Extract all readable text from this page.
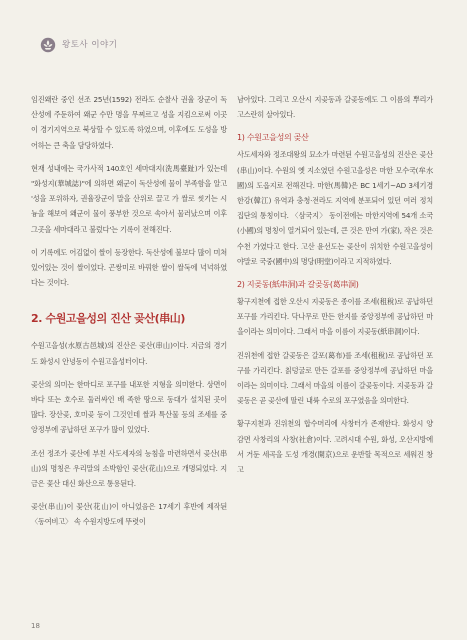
왕토사 이야기

임진왜란 중인 선조 25년(1592) 전라도 순찰사 권율 장군이 독산성에 주둔하여 왜군 수만 명을 무찌르고 성을 지킴으로써 이곳이 경기지역으로 북상할 수 있도록 하였으며, 이후에도 도성을 방어하는 큰 축을 담당하였다.

현재 성내에는 국가사적 140호인 세마대지(洗馬臺趾)가 있는데 "화성지(華城誌)"에 의하면 왜군이 독산성에 물이 부족함을 알고 '성을 포위하자, 권율장군이 말을 산위로 끌고 가 쌀로 씻기는 시늉을 해보여 왜군이 물이 풍부한 것으로 속아서 물러났으며 이후 그곳을 세마대라고 불렀다'는 기록이 전해진다.

이 기록에도 어김없이 쌀이 등장한다. 독산성에 불보다 많이 미쳐있어있는 것이 쌀이었다. 곤쌍미로 바꿔한 쌀이 쌀둑에 넉넉하였다는 것이다.

2. 수원고을성의 진산 곶산(串山)

수원고을성(水原古邑城)의 진산은 곶산(串山)이다. 지금의 경기도 화성시 안녕동이 수원고을성터이다.

곶산의 의미는 한마디로 포구를 내포한 지형을 의미한다. 상면이 바다 또는 호수로 둘러싸인 배 족한 땅으로 동대가 설치된 곳이 많다. 장산곶, 호미곶 등이 그것인데 쌀과 특산물 등의 조세를 중앙정부에 공납하던 포구가 많이 있었다.

조선 정조가 곶산에 부친 사도세자의 능침을 마련하면서 곶산(串山)의 명칭은 우리말의 소박함인 곶산(花山)으로 개명되었다. 지금은 꽃산 대신 화산으로 통용된다.

곶산(串山)이 꽃산(花山)이 아니었음은 17세기 후반에 제작된 〈동여비고〉 속 수원지방도에 뚜렷이

남아있다. 그리고 오산시 지곶동과 갈곶동에도 그 이름의 뿌리가 고스란히 살아있다.

1) 수원고을성의 곶산

사도세자와 정조대왕의 묘소가 마련된 수원고을성의 진산은 곶산(串山)이다. 수원의 옛 지소였던 수원고을성은 마한 모수국(牟水國)의 도읍지로 전해진다. 마한(馬韓)은 BC 1세기~AD 3세기경 한강(韓江) 유역과 충청·전라도 지역에 분포되어 있던 여러 정치 집단의 통칭이다. 〈삼국지〉 동이전에는 마한지역에 54개 소국(小國)의 명칭이 열거되어 있는데, 큰 것은 만여 가(家), 작은 것은 수천 가였다고 한다. 고산 윤선도는 곶산이 위치한 수원고을성이야말로 국중(國中)의 명당(明堂)이라고 지적하였다.

2) 지곶동(紙串洞)과 갈곶동(葛串洞)

황구지천에 접한 오산시 지곶동은 종이를 조세(租稅)로 공납하던 포구를 가리킨다. 닥나무로 만든 한지를 중앙정부에 공납하던 마을이라는 의미이다. 그래서 마을 이름이 지곶동(紙串洞)이다.

진위천에 접한 갈곶동은 갈포(葛布)를 조세(租稅)로 공납하던 포구를 가리킨다. 칡덩굴로 만든 갈포를 중앙정부에 공납하던 마을이라는 의미이다. 그래서 마을의 이름이 갈곶동이다. 지곶동과 갈곶동은 곧 곶산에 딸린 내륙 수로의 포구였음을 의미한다.

황구지천과 진위천의 합수머리에 사창터가 존재한다. 화성시 양감면 사창리의 사창(社倉)이다. 고려시대 수원, 화성, 오산지방에서 거둔 세곡을 도성 개경(開京)으로 운반할 목적으로 세워진 창고

18
